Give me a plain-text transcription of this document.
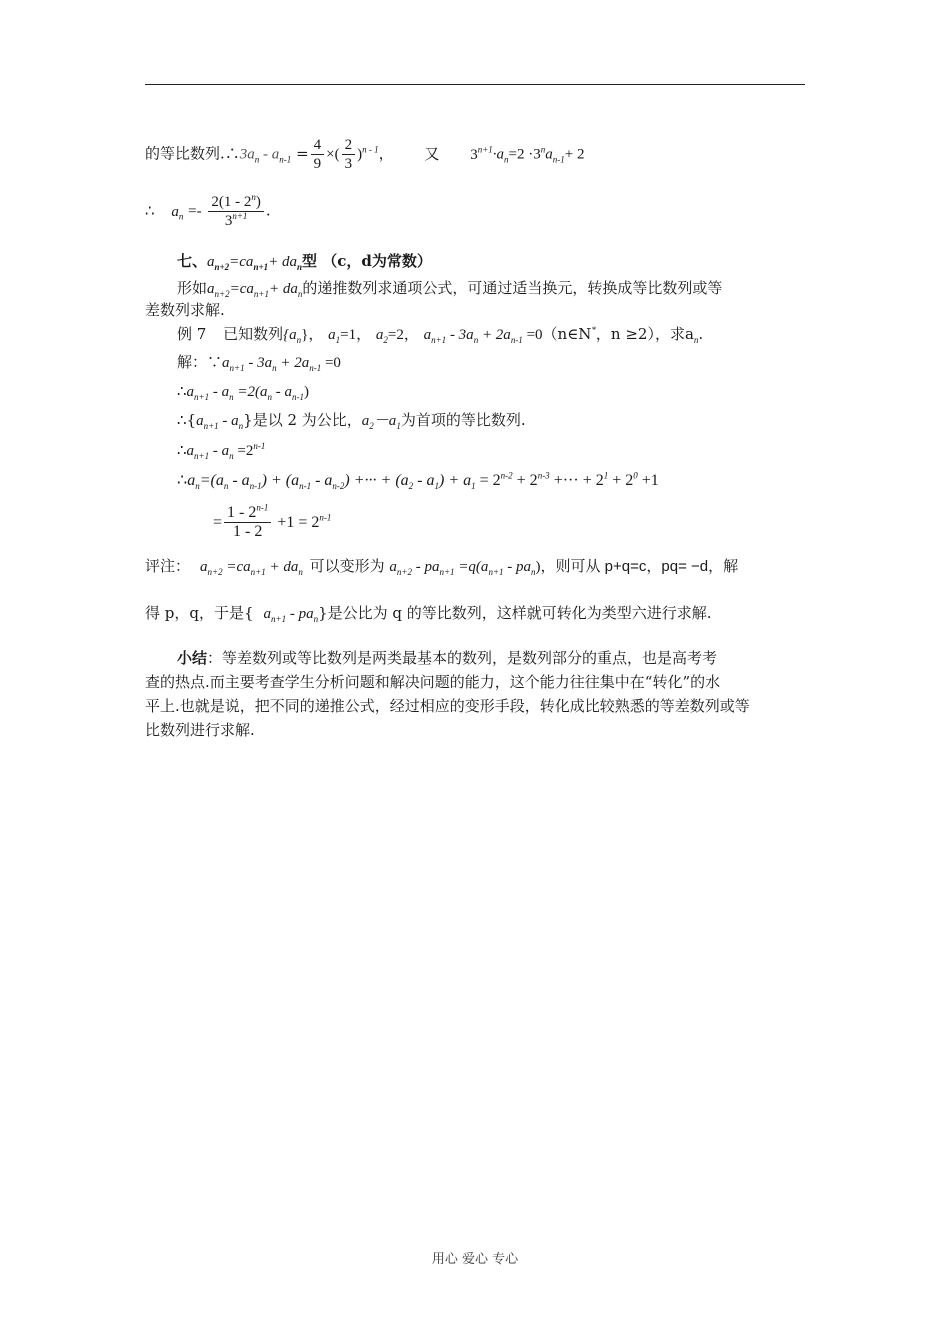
的等比数列$.\therefore 3a_n - a_{n-1} = \frac{4}{9}$ ×( $\frac{2}{3} )^{n - 1}$， 又 $3^{n+1}\cdot a_n=2 \cdot 3^na_{n-1}+ 2$
∴ $a_n =- \frac{2(1 - 2^n)}{3^{n+1}}$ .
七、$a_{n+2}=ca_{n+1}+ da_n$型 （c，d为常数）
形如$a_{n+2}=ca_{n+1}+ da_n$的递推数列求通项公式，可通过适当换元，转换成等比数列或等
差数列求解.
例 7 已知数列$\{a_n\}$， $a_1=1$， $a_2=2$， $a_{n+1} - 3a_n + 2a_{n-1}$ =0（n∈N*，n ≥2），求$a_n$.
解：$\because a_{n+1} - 3a_n + 2a_{n-1} =0$
$\therefore a_{n+1} - a_n =2(a_n - a_{n-1})$
$\therefore\{a_{n+1} - a_n\}$是以 2 为公比，$a_2-a_1$为首项的等比数列.
$\therefore a_{n+1} - a_n =2^{n-1}$
$\therefore a_n=(a_n - a_{n-1}) + (a_{n-1} - a_{n-2})$ +··· + $(a_2 - a_1) + a_1 = 2^{n-2} + 2^{n-3}$ +··· + $2^1 + 2^0 +1$
= $\frac{1 - 2^{n-1}}{1 - 2} +1 = 2^{n-1}$
评注： $a_{n+2} =ca_{n+1} + da_n$ 可以变形为 $a_{n+2} - pa_{n+1} =q(a_{n+1} - pa_n)$，则可从 p+q=c，pq= −d，解
得 p，q，于是{ $a_{n+1} - pa_n$}是公比为 q 的等比数列，这样就可转化为类型六进行求解.
小结：等差数列或等比数列是两类最基本的数列，是数列部分的重点，也是高考考
查的热点.而主要考查学生分析问题和解决问题的能力，这个能力往往集中在“转化”的水
平上.也就是说，把不同的递推公式，经过相应的变形手段，转化成比较熟悉的等差数列或等
比数列进行求解.
用心 爱心 专心
